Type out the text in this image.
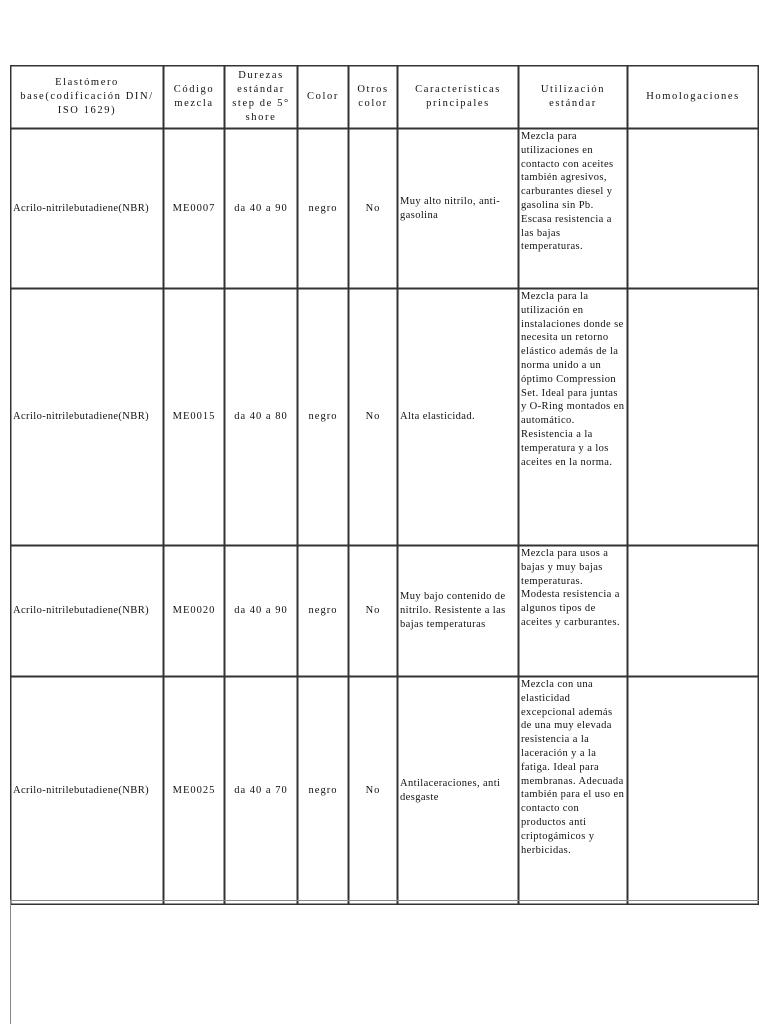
Elastómero base(codificación DIN/ ISO 1629)	Código mezcla	Durezas estándar step de 5° shore	Color	Otros color	Características principales	Utilización estándar	Homologaciones
Acrilo-nitrilebutadiene(NBR)	ME0007	da 40 a 90	negro	No	Muy alto nitrilo, anti-gasolina	Mezcla para utilizaciones en contacto con aceites también agresivos, carburantes diesel y gasolina sin Pb. Escasa resistencia a las bajas temperaturas.	
Acrilo-nitrilebutadiene(NBR)	ME0015	da 40 a 80	negro	No	Alta elasticidad.	Mezcla para la utilización en instalaciones donde se necesita un retorno elástico además de la norma unido a un óptimo Compression Set. Ideal para juntas y O-Ring montados en automático. Resistencia a la temperatura y a los aceites en la norma.	
Acrilo-nitrilebutadiene(NBR)	ME0020	da 40 a 90	negro	No	Muy bajo contenido de nitrilo. Resistente a las bajas temperaturas	Mezcla para usos a bajas y muy bajas temperaturas. Modesta resistencia a algunos tipos de aceites y carburantes.	
Acrilo-nitrilebutadiene(NBR)	ME0025	da 40 a 70	negro	No	Antilaceraciones, anti desgaste	Mezcla con una elasticidad excepcional además de una muy elevada resistencia a la laceración y a la fatiga. Ideal para membranas. Adecuada también para el uso en contacto con productos anti criptogámicos y herbicidas.	
